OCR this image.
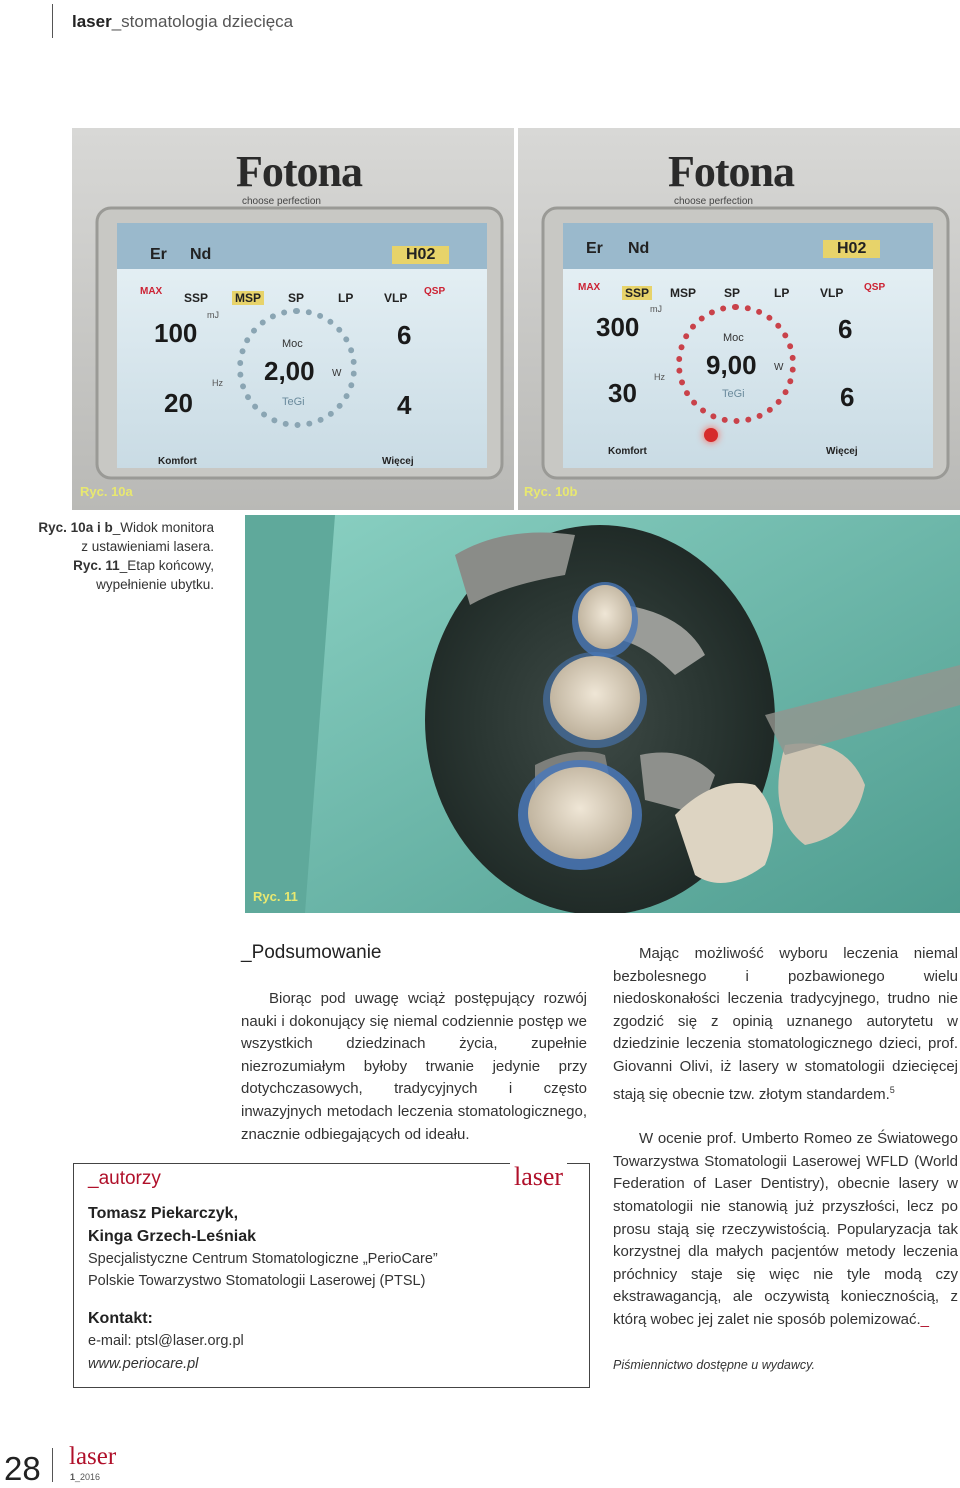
laser_stomatologia dziecięca
Fotona
choose perfection
Er Nd	H02
MAX	QSP
SSP MSP SP	LP	VLP
100
mJ
Moc
2,00 W
TeGi
6
Hz
20	4
Komfort	Więcej
Ryc. 10a
Fotona
choose perfection
Er Nd	H02
MAX	QSP
SSP MSP SP	LP	VLP
300
mJ
Moc
9,00 W
TeGi
6
Hz
30	6
Komfort	Więcej
Ryc. 10b
Ryc. 10a i b_Widok monitora
z ustawieniami lasera.
Ryc. 11_Etap końcowy,
wypełnienie ubytku.
Ryc. 11
_Podsumowanie

Biorąc pod uwagę wciąż postępujący rozwój nauki i dokonujący się niemal codziennie postęp we wszystkich dziedzinach życia, zupełnie niezrozumiałym byłoby trwanie jedynie przy dotychczasowych, tradycyjnych i często inwazyjnych metodach leczenia stomatologicznego, znacznie odbiegających od ideału.

Mając możliwość wyboru leczenia niemal bezbolesnego i pozbawionego wielu niedoskonałości leczenia tradycyjnego, trudno nie zgodzić się z opinią uznanego autorytetu w dziedzinie leczenia stomatologicznego dzieci, prof. Giovanni Olivi, iż lasery w stomatologii dziecięcej stają się obecnie tzw. złotym standardem.$^5$

W ocenie prof. Umberto Romeo ze Światowego Towarzystwa Stomatologii Laserowej WFLD (World Federation of Laser Dentistry), obecnie lasery w stomatologii nie stanowią już przyszłości, lecz po prosu stają się rzeczywistością. Popularyzacja tak korzystnej dla małych pacjentów metody leczenia próchnicy staje się więc nie tyle modą czy ekstrawagancją, ale oczywistą koniecznością, z którą wobec jej zalet nie sposób polemizować._

Piśmiennictwo dostępne u wydawcy.
_autorzy	laser
Tomasz Piekarczyk,
Kinga Grzech-Leśniak
Specjalistyczne Centrum Stomatologiczne „PerioCare”
Polskie Towarzystwo Stomatologii Laserowej (PTSL)
Kontakt:
e-mail: ptsl@laser.org.pl
www.periocare.pl
28 laser
1_2016
